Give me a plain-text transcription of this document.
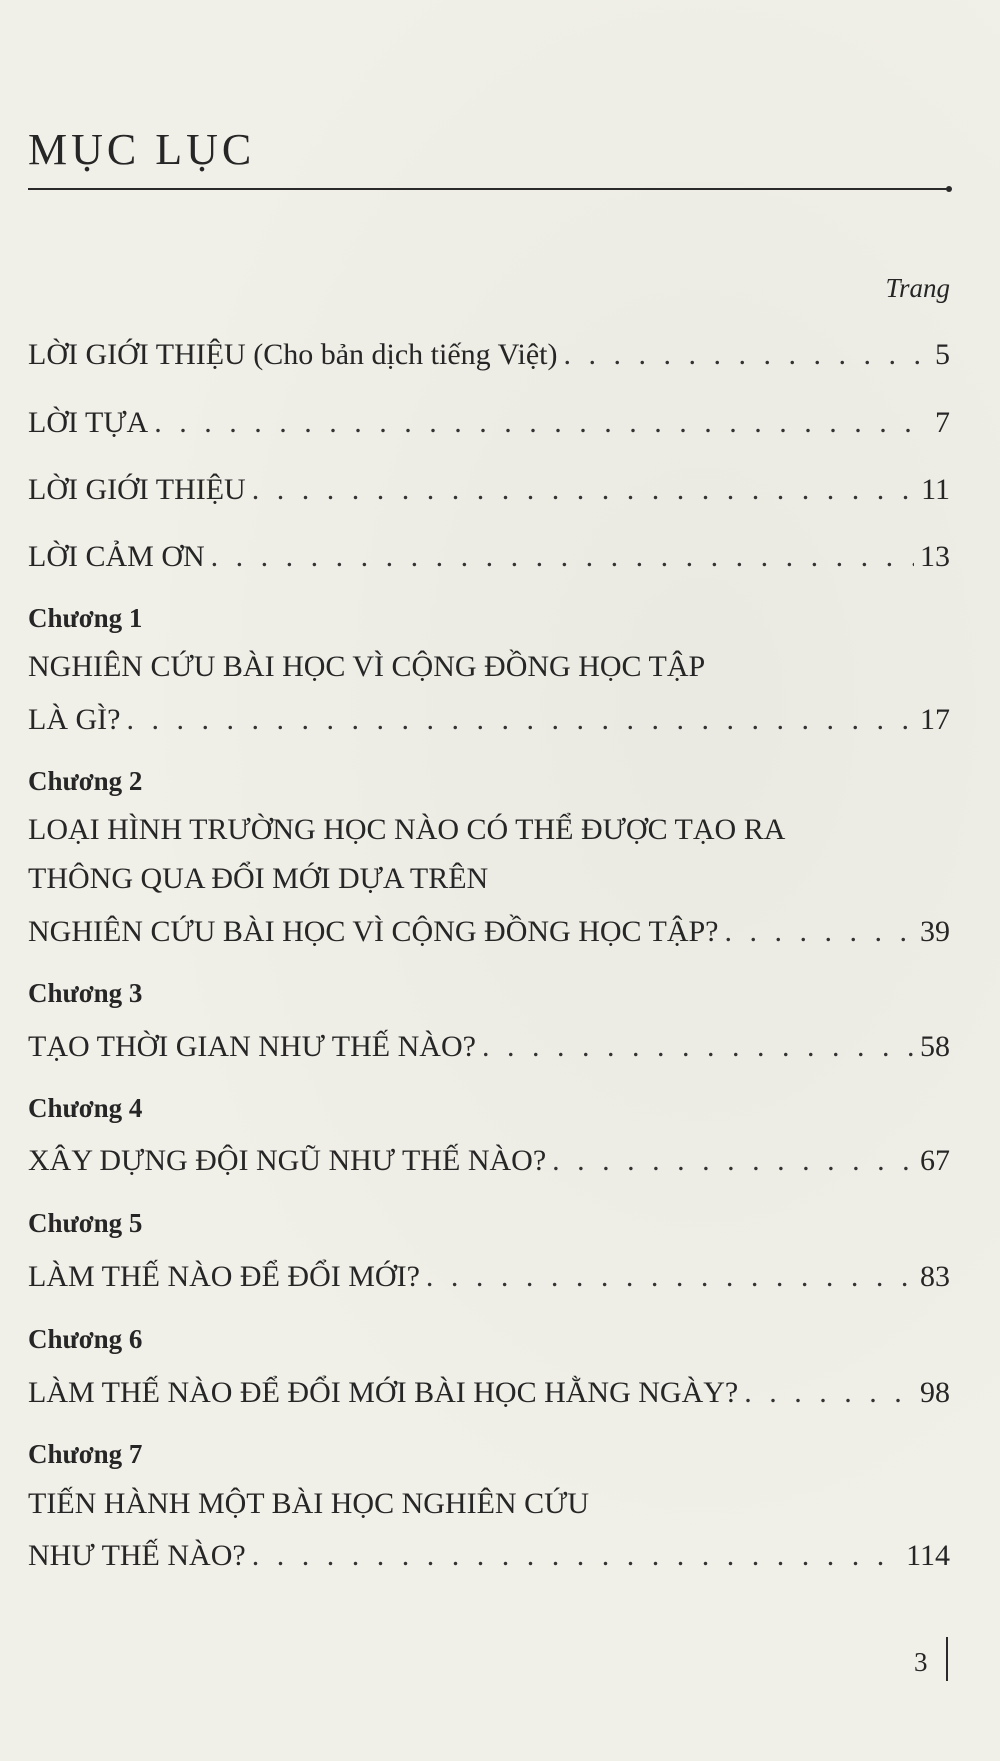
MỤC LỤC
Trang
LỜI GIỚI THIỆU (Cho bản dịch tiếng Việt) . . .	5
LỜI TỰA . . .	7
LỜI GIỚI THIỆU . . .	11
LỜI CẢM ƠN . . .	13
Chương 1
NGHIÊN CỨU BÀI HỌC VÌ CỘNG ĐỒNG HỌC TẬP
LÀ GÌ? . . .	17
Chương 2
LOẠI HÌNH TRƯỜNG HỌC NÀO CÓ THỂ ĐƯỢC TẠO RA
THÔNG QUA ĐỔI MỚI DỰA TRÊN
NGHIÊN CỨU BÀI HỌC VÌ CỘNG ĐỒNG HỌC TẬP? . . .	39
Chương 3
TẠO THỜI GIAN NHƯ THẾ NÀO? . . .	58
Chương 4
XÂY DỰNG ĐỘI NGŨ NHƯ THẾ NÀO? . . .	67
Chương 5
LÀM THẾ NÀO ĐỂ ĐỔI MỚI? . . .	83
Chương 6
LÀM THẾ NÀO ĐỂ ĐỔI MỚI BÀI HỌC HẰNG NGÀY? . . .	98
Chương 7
TIẾN HÀNH MỘT BÀI HỌC NGHIÊN CỨU
NHƯ THẾ NÀO? . . .	114
3
